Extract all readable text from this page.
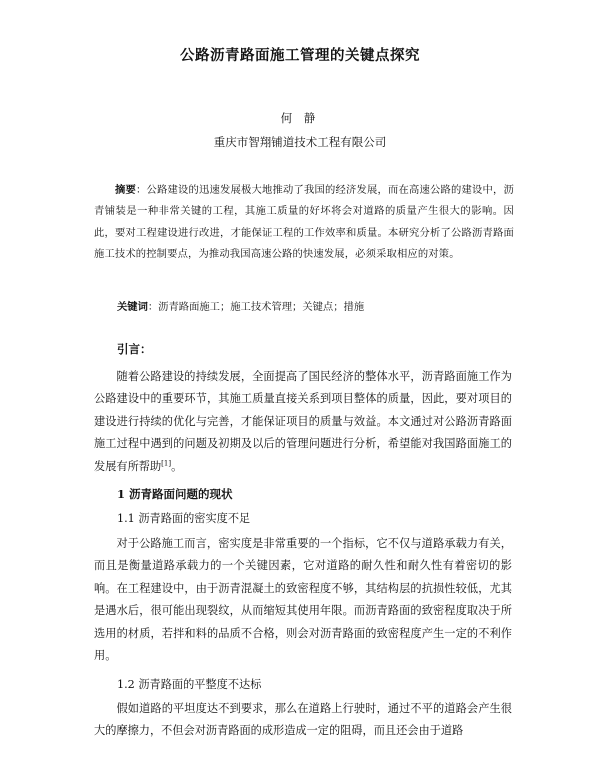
公路沥青路面施工管理的关键点探究
何 静
重庆市智翔铺道技术工程有限公司
  摘要：公路建设的迅速发展极大地推动了我国的经济发展，而在高速公路的建设中，沥青铺装是一种非常关键的工程，其施工质量的好坏将会对道路的质量产生很大的影响。因此，要对工程建设进行改进，才能保证工程的工作效率和质量。本研究分析了公路沥青路面施工技术的控制要点，为推动我国高速公路的快速发展，必须采取相应的对策。
关键词：沥青路面施工；施工技术管理；关键点；措施
引言：
  随着公路建设的持续发展，全面提高了国民经济的整体水平，沥青路面施工作为公路建设中的重要环节，其施工质量直接关系到项目整体的质量，因此，要对项目的建设进行持续的优化与完善，才能保证项目的质量与效益。本文通过对公路沥青路面施工过程中遇到的问题及初期及以后的管理问题进行分析，希望能对我国路面施工的发展有所帮助[1]。
1 沥青路面问题的现状
1.1 沥青路面的密实度不足
  对于公路施工而言，密实度是非常重要的一个指标，它不仅与道路承载力有关，而且是衡量道路承载力的一个关键因素，它对道路的耐久性和耐久性有着密切的影响。在工程建设中，由于沥青混凝土的致密程度不够，其结构层的抗损性较低，尤其是遇水后，很可能出现裂纹，从而缩短其使用年限。而沥青路面的致密程度取决于所选用的材质，若拌和料的品质不合格，则会对沥青路面的致密程度产生一定的不利作用。
1.2 沥青路面的平整度不达标
  假如道路的平坦度达不到要求，那么在道路上行驶时，通过不平的道路会产生很大的摩擦力，不但会对沥青路面的成形造成一定的阻碍，而且还会由于道路
